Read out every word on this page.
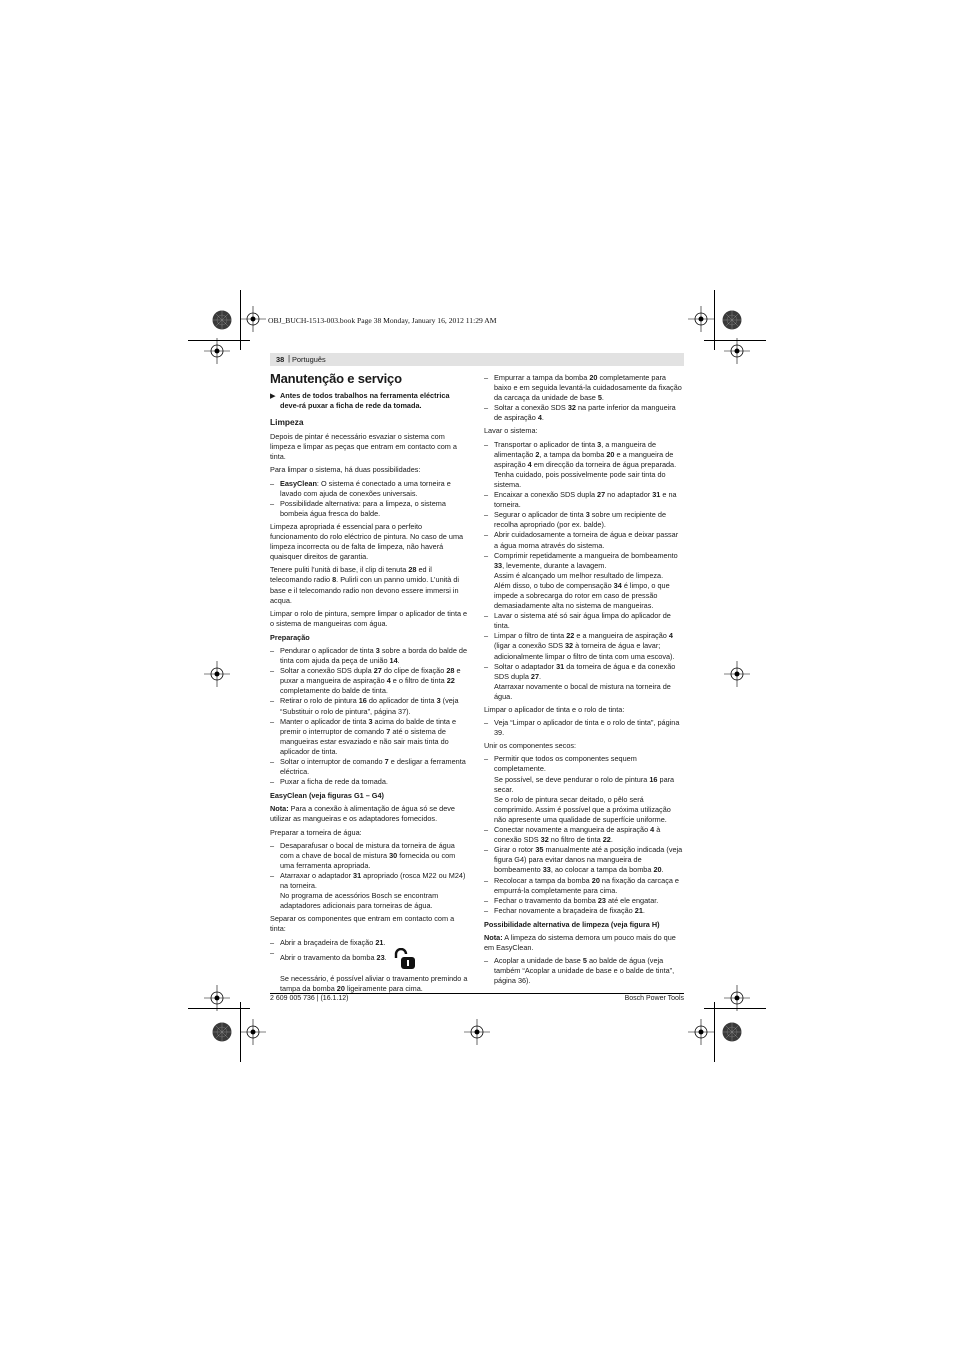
OBJ_BUCH-1513-003.book Page 38 Monday, January 16, 2012 11:29 AM
38 | Português
Manutenção e serviço
▶ Antes de todos trabalhos na ferramenta eléctrica deve-rá puxar a ficha de rede da tomada.
Limpeza

Depois de pintar é necessário esvaziar o sistema com limpeza e limpar as peças que entram em contacto com a tinta.

Para limpar o sistema, há duas possibilidades:

– EasyClean: O sistema é conectado a uma torneira e lavado com ajuda de conexões universais.
– Possibilidade alternativa: para a limpeza, o sistema bombeia água fresca do balde.

Limpeza apropriada é essencial para o perfeito funcionamento do rolo eléctrico de pintura. No caso de uma limpeza incorrecta ou de falta de limpeza, não haverá quaisquer direitos de garantia.

Tenere puliti l’unità di base, il clip di tenuta 28 ed il telecomando radio 8. Pulirli con un panno umido. L’unità di base e il telecomando radio non devono essere immersi in acqua.

Limpar o rolo de pintura, sempre limpar o aplicador de tinta e o sistema de mangueiras com água.

Preparação
– Pendurar o aplicador de tinta 3 sobre a borda do balde de tinta com ajuda da peça de união 14.
– Soltar a conexão SDS dupla 27 do clipe de fixação 28 e puxar a mangueira de aspiração 4 e o filtro de tinta 22 completamente do balde de tinta.
– Retirar o rolo de pintura 16 do aplicador de tinta 3 (veja “Substituir o rolo de pintura”, página 37).
– Manter o aplicador de tinta 3 acima do balde de tinta e premir o interruptor de comando 7 até o sistema de mangueiras estar esvaziado e não sair mais tinta do aplicador de tinta.
– Soltar o interruptor de comando 7 e desligar a ferramenta eléctrica.
– Puxar a ficha de rede da tomada.
EasyClean (veja figuras G1 – G4)

Nota: Para a conexão à alimentação de água só se deve utilizar as mangueiras e os adaptadores fornecidos.

Preparar a torneira de água:

– Desaparafusar o bocal de mistura da torneira de água com a chave de bocal de mistura 30 fornecida ou com uma ferramenta apropriada.
– Atarraxar o adaptador 31 apropriado (rosca M22 ou M24) na torneira.
No programa de acessórios Bosch se encontram adaptadores adicionais para torneiras de água.

Separar os componentes que entram em contacto com a tinta:

– Abrir a braçadeira de fixação 21.
– Abrir o travamento da bomba 23.
Se necessário, é possível aliviar o travamento premindo a tampa da bomba 20 ligeiramente para cima.
– Empurrar a tampa da bomba 20 completamente para baixo e em seguida levantá-la cuidadosamente da fixação da carcaça da unidade de base 5.
– Soltar a conexão SDS 32 na parte inferior da mangueira de aspiração 4.

Lavar o sistema:

– Transportar o aplicador de tinta 3, a mangueira de alimentação 2, a tampa da bomba 20 e a mangueira de aspiração 4 em direcção da torneira de água preparada.
Tenha cuidado, pois possivelmente pode sair tinta do sistema.
– Encaixar a conexão SDS dupla 27 no adaptador 31 e na torneira.
– Segurar o aplicador de tinta 3 sobre um recipiente de recolha apropriado (por ex. balde).
– Abrir cuidadosamente a torneira de água e deixar passar a água morna através do sistema.
– Comprimir repetidamente a mangueira de bombeamento 33, levemente, durante a lavagem.
Assim é alcançado um melhor resultado de limpeza.
Além disso, o tubo de compensação 34 é limpo, o que impede a sobrecarga do rotor em caso de pressão demasiadamente alta no sistema de mangueiras.
– Lavar o sistema até só sair água limpa do aplicador de tinta.
– Limpar o filtro de tinta 22 e a mangueira de aspiração 4 (ligar a conexão SDS 32 à torneira de água e lavar; adicionalmente limpar o filtro de tinta com uma escova).
– Soltar o adaptador 31 da torneira de água e da conexão SDS dupla 27.
Atarraxar novamente o bocal de mistura na torneira de água.

Limpar o aplicador de tinta e o rolo de tinta:

– Veja “Limpar o aplicador de tinta e o rolo de tinta”, página 39.

Unir os componentes secos:

– Permitir que todos os componentes sequem completamente.
Se possível, se deve pendurar o rolo de pintura 16 para secar.
Se o rolo de pintura secar deitado, o pêlo será comprimido. Assim é possível que a próxima utilização não apresente uma qualidade de superfície uniforme.
– Conectar novamente a mangueira de aspiração 4 à conexão SDS 32 no filtro de tinta 22.
– Girar o rotor 35 manualmente até a posição indicada (veja figura G4) para evitar danos na mangueira de bombeamento 33, ao colocar a tampa da bomba 20.
– Recolocar a tampa da bomba 20 na fixação da carcaça e empurrá-la completamente para cima.
– Fechar o travamento da bomba 23 até ele engatar.
– Fechar novamente a braçadeira de fixação 21.
Possibilidade alternativa de limpeza (veja figura H)

Nota: A limpeza do sistema demora um pouco mais do que em EasyClean.

– Acoplar a unidade de base 5 ao balde de água (veja também “Acoplar a unidade de base e o balde de tinta”, página 36).
2 609 005 736 | (16.1.12)	Bosch Power Tools
